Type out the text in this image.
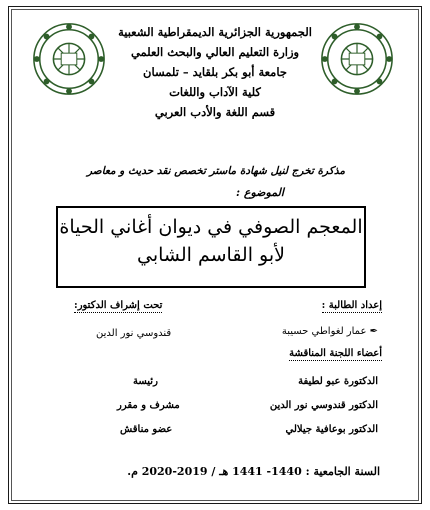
الجمهورية الجزائرية الديمقراطية الشعبية
وزارة التعليم العالي والبحث العلمي
جامعة أبو بكر بلقايد – تلمسان
كلية الآداب واللغات
قسم اللغة والأدب العربي
مذكرة تخرج لنيل شهادة ماستر تخصص نقد حديث و معاصر
الموضوع :
المعجم الصوفي في ديوان أغاني الحياة
لأبو القاسم الشابي
إعداد الطالبة :
✒ عمار لغواطي حسيبة
تحت إشراف الدكتور:
قندوسي نور الدين
أعضاء اللجنة المناقشة
الدكتورة عبو لطيفة
رئيسة
الدكتور قندوسي نور الدين
مشرف و مقرر
الدكتور بوعافية جيلالي
عضو مناقش
السنة الجامعية : 1440- 1441 هـ / 2019-2020 م.
